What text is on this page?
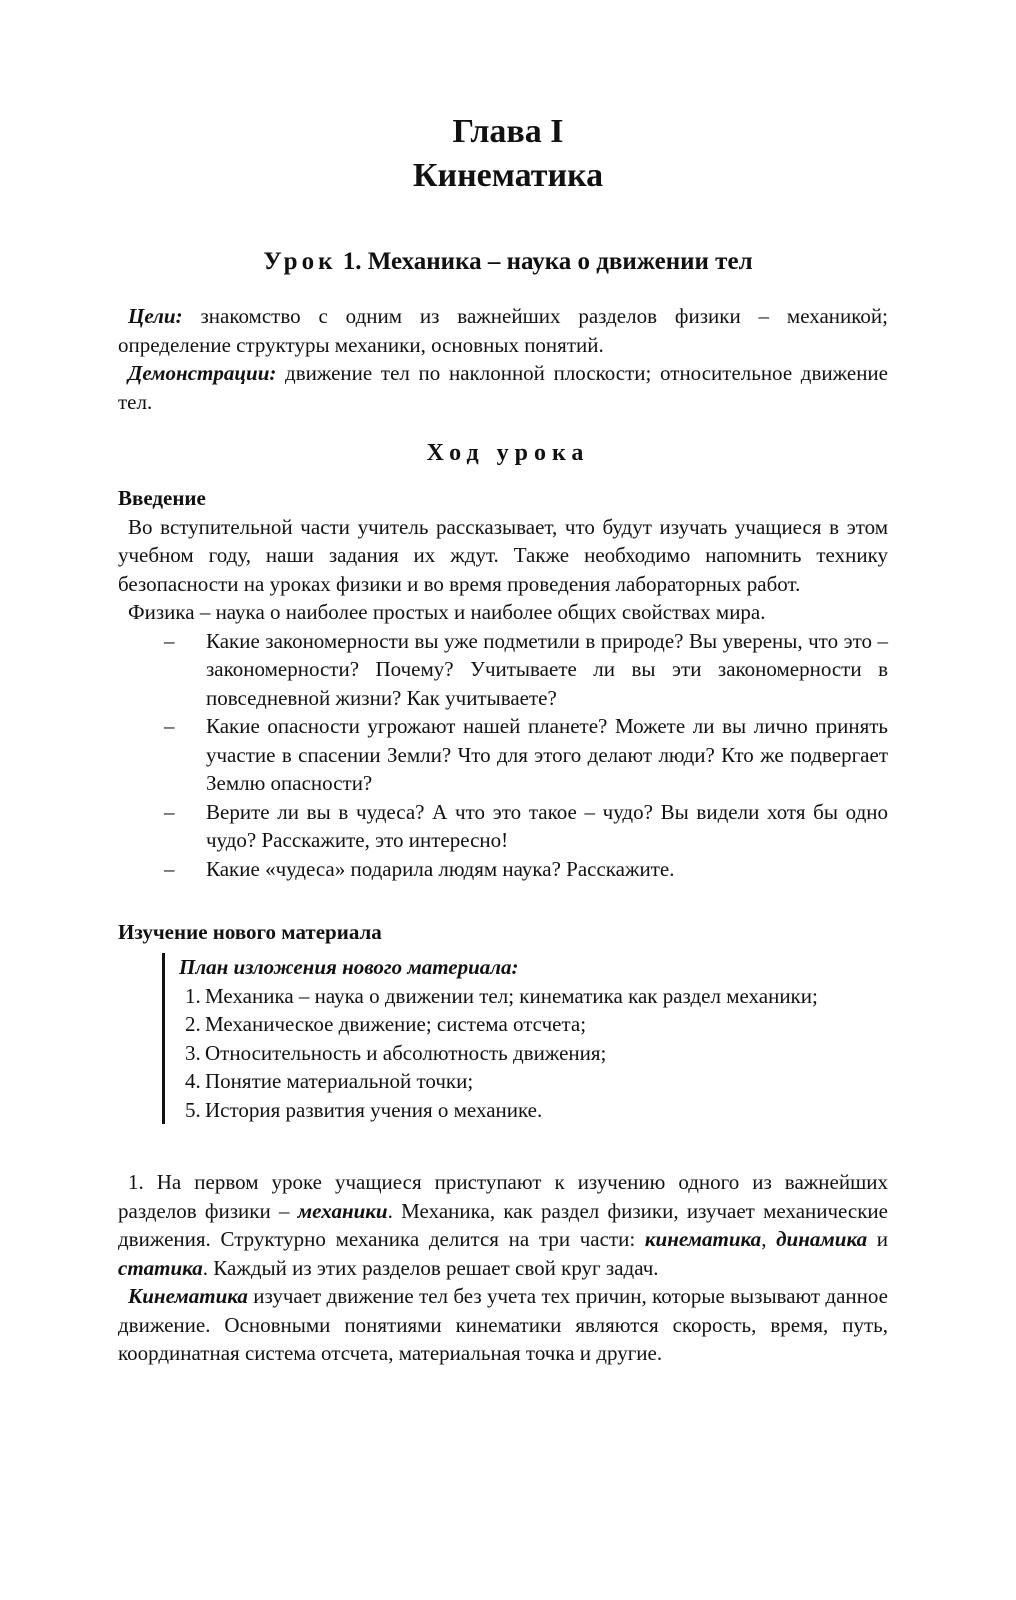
Глава I
Кинематика
Урок 1. Механика – наука о движении тел

Цели: знакомство с одним из важнейших разделов физики – механикой; определение структуры механики, основных понятий.

Демонстрации: движение тел по наклонной плоскости; относительное движение тел.

Ход урока

Введение

Во вступительной части учитель рассказывает, что будут изучать учащиеся в этом учебном году, наши задания их ждут. Также необходимо напомнить технику безопасности на уроках физики и во время проведения лабораторных работ.

Физика – наука о наиболее простых и наиболее общих свойствах мира.

– Какие закономерности вы уже подметили в природе? Вы уверены, что это – закономерности? Почему? Учитываете ли вы эти закономерности в повседневной жизни? Как учитываете?
– Какие опасности угрожают нашей планете? Можете ли вы лично принять участие в спасении Земли? Что для этого делают люди? Кто же подвергает Землю опасности?
– Верите ли вы в чудеса? А что это такое – чудо? Вы видели хотя бы одно чудо? Расскажите, это интересно!
– Какие «чудеса» подарила людям наука? Расскажите.

Изучение нового материала

План изложения нового материала:

1. Механика – наука о движении тел; кинематика как раздел механики;
2. Механическое движение; система отсчета;
3. Относительность и абсолютность движения;
4. Понятие материальной точки;
5. История развития учения о механике.

1. На первом уроке учащиеся приступают к изучению одного из важнейших разделов физики – механики. Механика, как раздел физики, изучает механические движения. Структурно механика делится на три части: кинематика, динамика и статика. Каждый из этих разделов решает свой круг задач.

Кинематика изучает движение тел без учета тех причин, которые вызывают данное движение. Основными понятиями кинематики являются скорость, время, путь, координатная система отсчета, материальная точка и другие.
